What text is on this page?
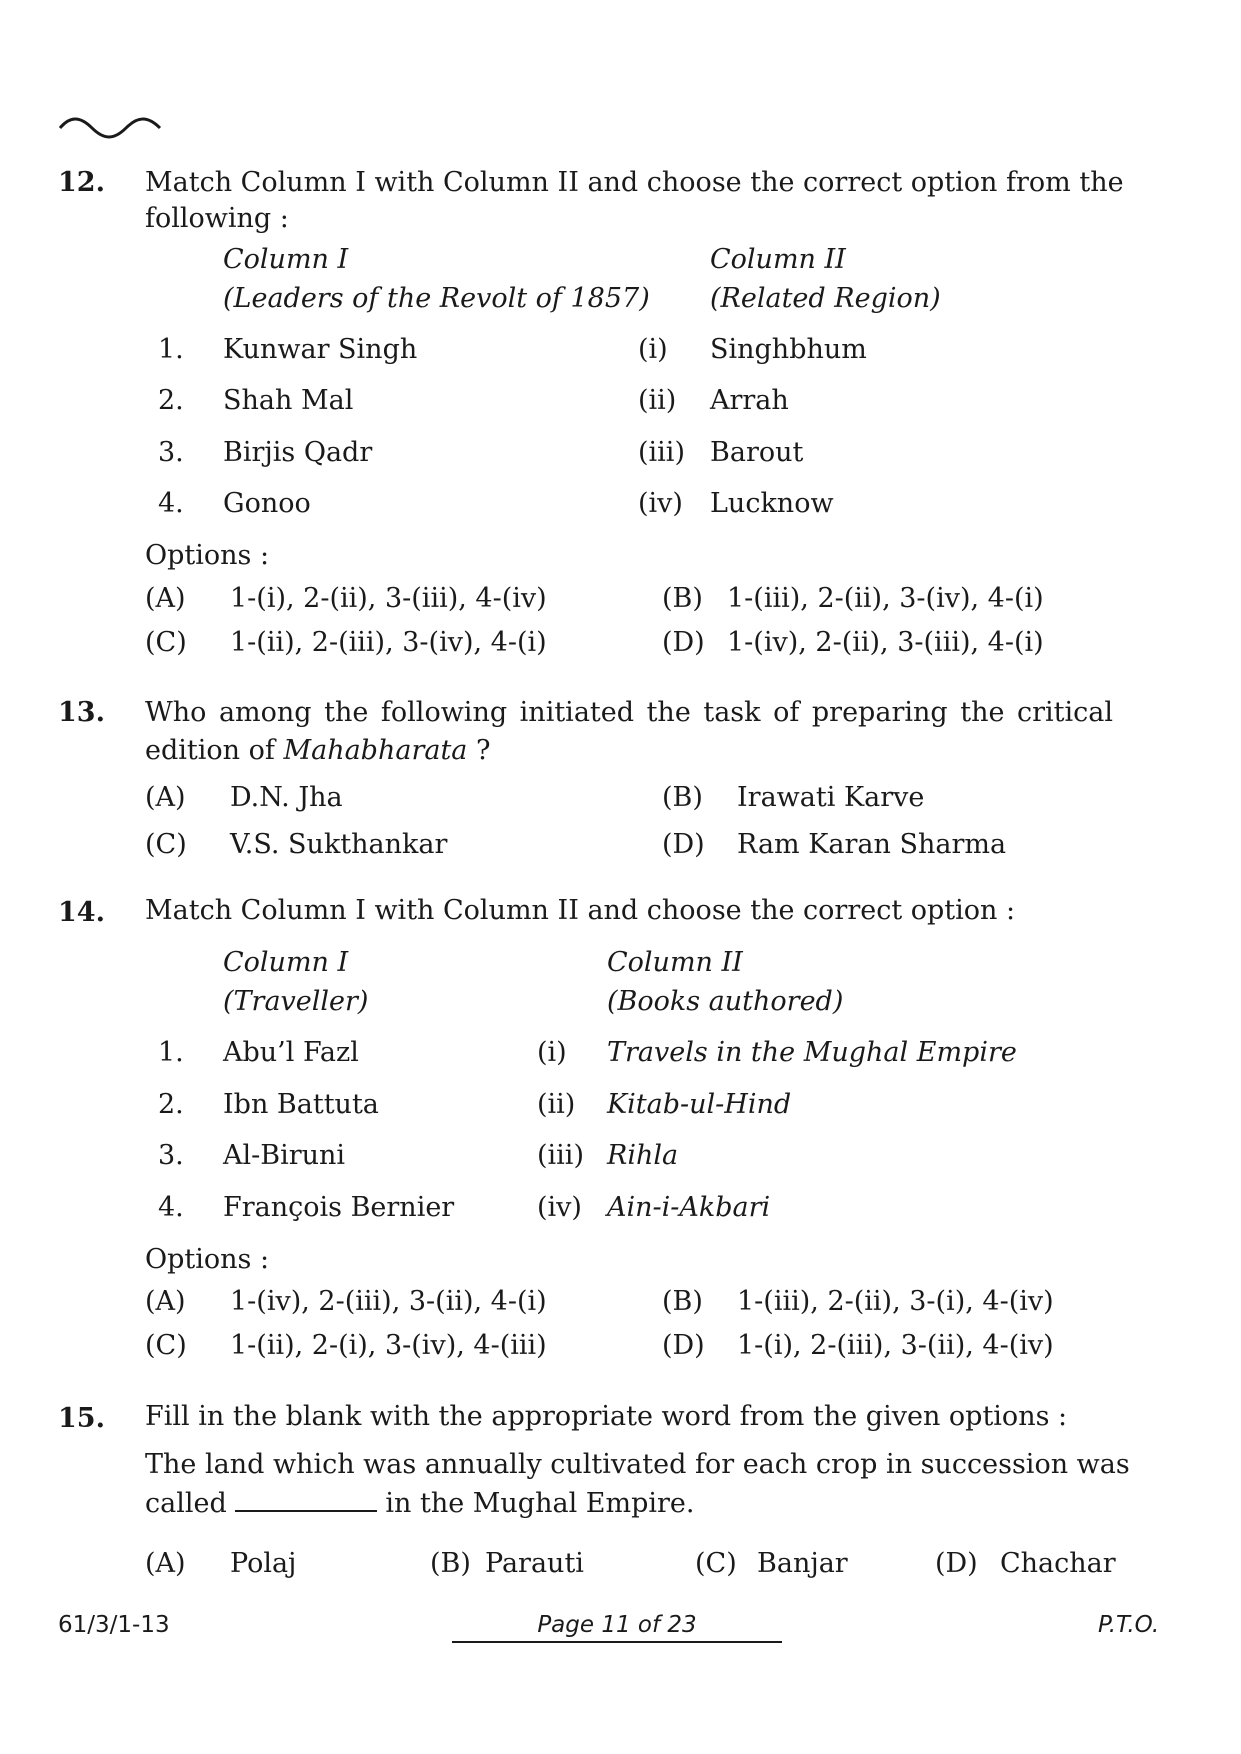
12. Match Column I with Column II and choose the correct option from the
following :
Column I
(Leaders of the Revolt of 1857)
Column II
(Related Region)
1. Kunwar Singh	(i) Singhbhum
2. Shah Mal	(ii) Arrah
3. Birjis Qadr	(iii) Barout
4. Gonoo	(iv) Lucknow
Options :
(A) 1-(i), 2-(ii), 3-(iii), 4-(iv)	(B) 1-(iii), 2-(ii), 3-(iv), 4-(i)
(C) 1-(ii), 2-(iii), 3-(iv), 4-(i)	(D) 1-(iv), 2-(ii), 3-(iii), 4-(i)
13. Who among the following initiated the task of preparing the critical
edition of Mahabharata ?
(A) D.N. Jha	(B) Irawati Karve
(C) V.S. Sukthankar	(D) Ram Karan Sharma
14. Match Column I with Column II and choose the correct option :
Column I
(Traveller)
Column II
(Books authored)
1. Abu’l Fazl	(i) Travels in the Mughal Empire
2. Ibn Battuta	(ii) Kitab-ul-Hind
3. Al-Biruni	(iii) Rihla
4. François Bernier	(iv) Ain-i-Akbari
Options :
(A) 1-(iv), 2-(iii), 3-(ii), 4-(i)	(B) 1-(iii), 2-(ii), 3-(i), 4-(iv)
(C) 1-(ii), 2-(i), 3-(iv), 4-(iii)	(D) 1-(i), 2-(iii), 3-(ii), 4-(iv)
15. Fill in the blank with the appropriate word from the given options :
The land which was annually cultivated for each crop in succession was
called	in the Mughal Empire.
(A) Polaj	(B) Parauti	(C) Banjar	(D) Chachar
61/3/1-13	Page 11 of 23	P.T.O.
